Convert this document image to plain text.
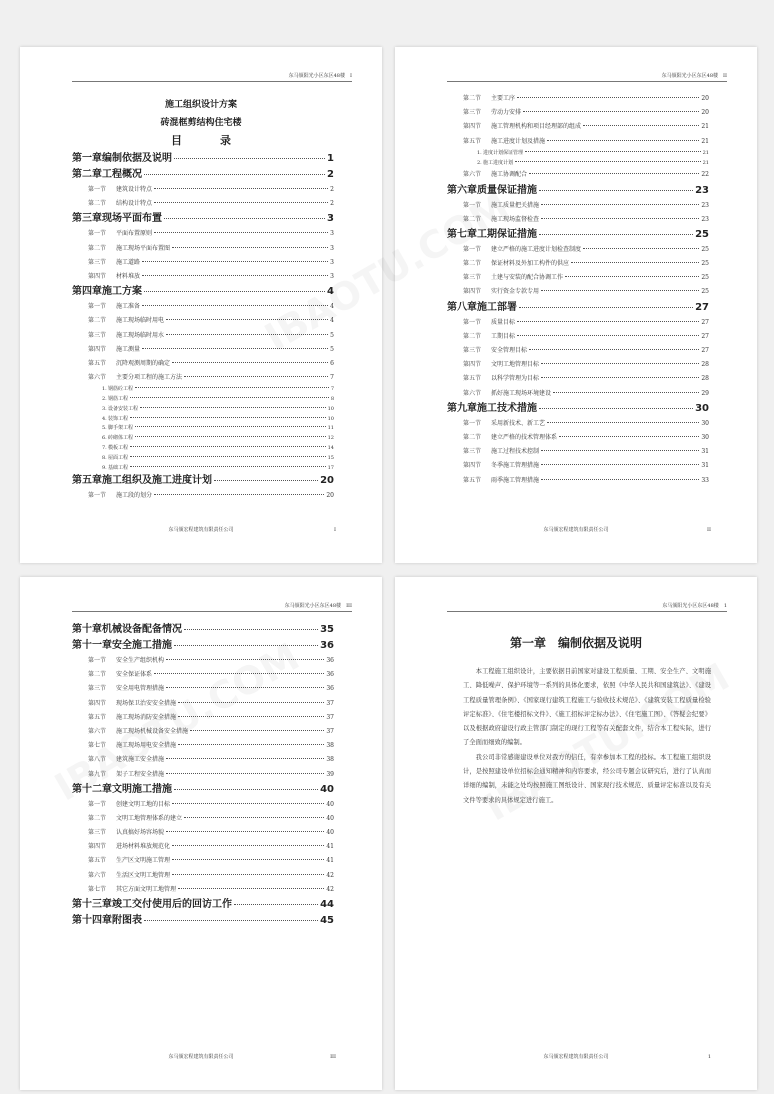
东马颁阳光小区东区48楼　 I
施工组织设计方案
砖混框剪结构住宅楼
目录
第一章 编制依据及说明	1
第二章 工程概况	2
第一节	建筑设计特点	2
第二节	结构设计特点	2
第三章 现场平面布置	3
第一节	平面布置原则	3
第二节	施工现场平面布置图	3
第三节	施工道路	3
第四节	材料堆放	3
第四章 施工方案	4
第一节	施工准备	4
第二节	施工现场临时用电	4
第三节	施工现场临时用水	5
第四节	施工测量	5
第五节	沉降观测周期的确定	6
第六节	主要分项工程的施工方法	7
1. 钢筋砼工程	7
2. 钢筋工程	8
3. 设备安装工程	10
4. 装饰工程	10
5. 脚手架工程	11
6. 砖砌体工程	12
7. 模板工程	14
8. 屋面工程	15
9. 基础工程	17
第五章 施工组织及施工进度计划	20
第一节	施工段的划分	20
东马颁宏程建筑有限责任公司	I
东马颁阳光小区东区48楼　 II
第二节	主要工序	20
第三节	劳动力安排	20
第四节	施工管理机构和项目经理部的组成	21
第五节	施工进度计划及措施	21
1. 进度计划保证管理	21
2. 施工进度计划	21
第六节	施工协调配合	22
第六章 质量保证措施	23
第一节	施工质量把关措施	23
第二节	施工现场监督检查	23
第七章 工期保证措施	25
第一节	建立严格的施工进度计划检查制度	25
第二节	保证材料及外加工构件的供应	25
第三节	土建与安装的配合协调工作	25
第四节	实行资金专款专用	25
第八章 施工部署	27
第一节	质量目标	27
第二节	工期目标	27
第三节	安全管理目标	27
第四节	文明工地管理目标	28
第五节	以科学管理为目标	28
第六节	抓好施工现场环境建设	29
第九章 施工技术措施	30
第一节	采用新技术、新工艺	30
第二节	建立严格的技术管理体系	30
第三节	施工过程技术控制	31
第四节	冬季施工管理措施	31
第五节	雨季施工管理措施	33
东马颁宏程建筑有限责任公司	II
东马颁阳光小区东区48楼　 III
第十章 机械设备配备情况	35
第十一章 安全施工措施	36
第一节	安全生产组织机构	36
第二节	安全保证体系	36
第三节	安全用电管理措施	36
第四节	现场保卫治安安全措施	37
第五节	施工现场消防安全措施	37
第六节	施工现场机械设备安全措施	37
第七节	施工现场用电安全措施	38
第八节	建筑施工安全措施	38
第九节	架子工程安全措施	39
第十二章 文明施工措施	40
第一节	创建文明工地的目标	40
第二节	文明工地管理体系的建立	40
第三节	认真搞好场容场貌	40
第四节	进场材料堆放规范化	41
第五节	生产区文明施工管理	41
第六节	生活区文明工地管理	42
第七节	其它方面文明工地管理	42
第十三章 竣工交付使用后的回访工作	44
第十四章 附图表	45
东马颁宏程建筑有限责任公司	III
东马颁阳光小区东区48楼　 1
第一章　编制依据及说明

本工程施工组织设计，主要依据目前国家对建设工程质量、工期、安全生产、文明施工、降低噪声、保护环境等一系列的具体化要求，依照《中华人民共和国建筑法》、《建设工程质量管理条例》、《国家现行建筑工程施工与验收技术规范》、《建筑安装工程质量检验评定标准》、《住宅楼招标文件》、《施工招标评定标办法》、《住宅施工图》、《答疑会纪要》以及根据政府建设行政主管部门制定的现行工程等有关配套文件，结合本工程实际，进行了全面而细致的编制。

我公司非常感谢建设单位对我方的信任，有幸参加本工程的投标。本工程施工组织设计，是按照建设单位招标会通知精神和内容要求，经公司专题会议研究后，进行了认真而详细的编制，未能之处均按照施工图纸设计、国家现行技术规范、质量评定标准以及有关文件等要求的具体规定进行施工。

东马颁宏程建筑有限责任公司	1
